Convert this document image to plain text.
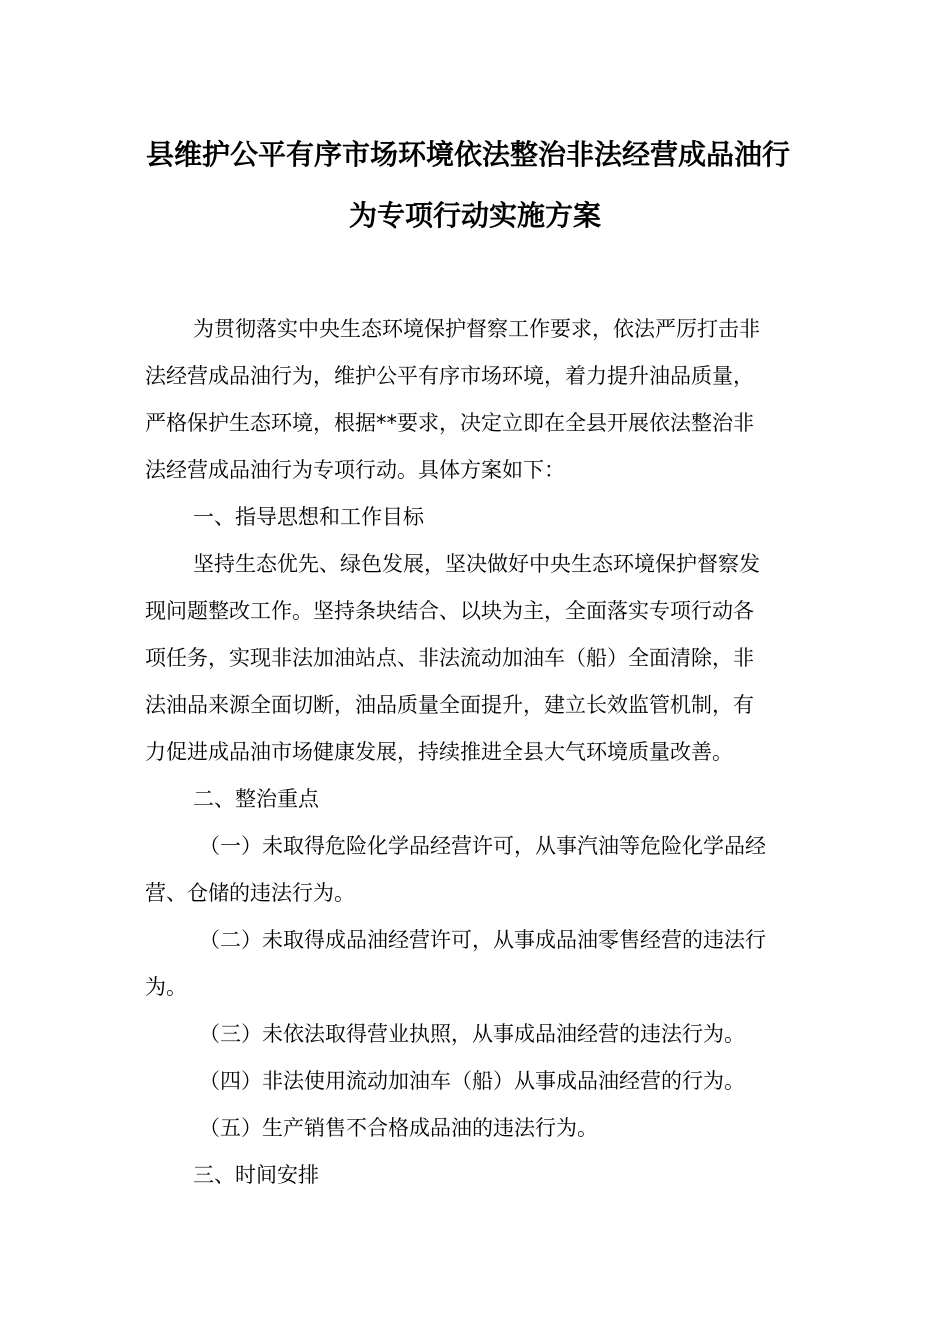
县维护公平有序市场环境依法整治非法经营成品油行
为专项行动实施方案
为贯彻落实中央生态环境保护督察工作要求，依法严厉打击非
法经营成品油行为，维护公平有序市场环境，着力提升油品质量，
严格保护生态环境，根据**要求，决定立即在全县开展依法整治非
法经营成品油行为专项行动。具体方案如下：
一、指导思想和工作目标
坚持生态优先、绿色发展，坚决做好中央生态环境保护督察发
现问题整改工作。坚持条块结合、以块为主，全面落实专项行动各
项任务，实现非法加油站点、非法流动加油车（船）全面清除，非
法油品来源全面切断，油品质量全面提升，建立长效监管机制，有
力促进成品油市场健康发展，持续推进全县大气环境质量改善。
二、整治重点
（一）未取得危险化学品经营许可，从事汽油等危险化学品经
营、仓储的违法行为。
（二）未取得成品油经营许可，从事成品油零售经营的违法行
为。
（三）未依法取得营业执照，从事成品油经营的违法行为。
（四）非法使用流动加油车（船）从事成品油经营的行为。
（五）生产销售不合格成品油的违法行为。
三、时间安排
